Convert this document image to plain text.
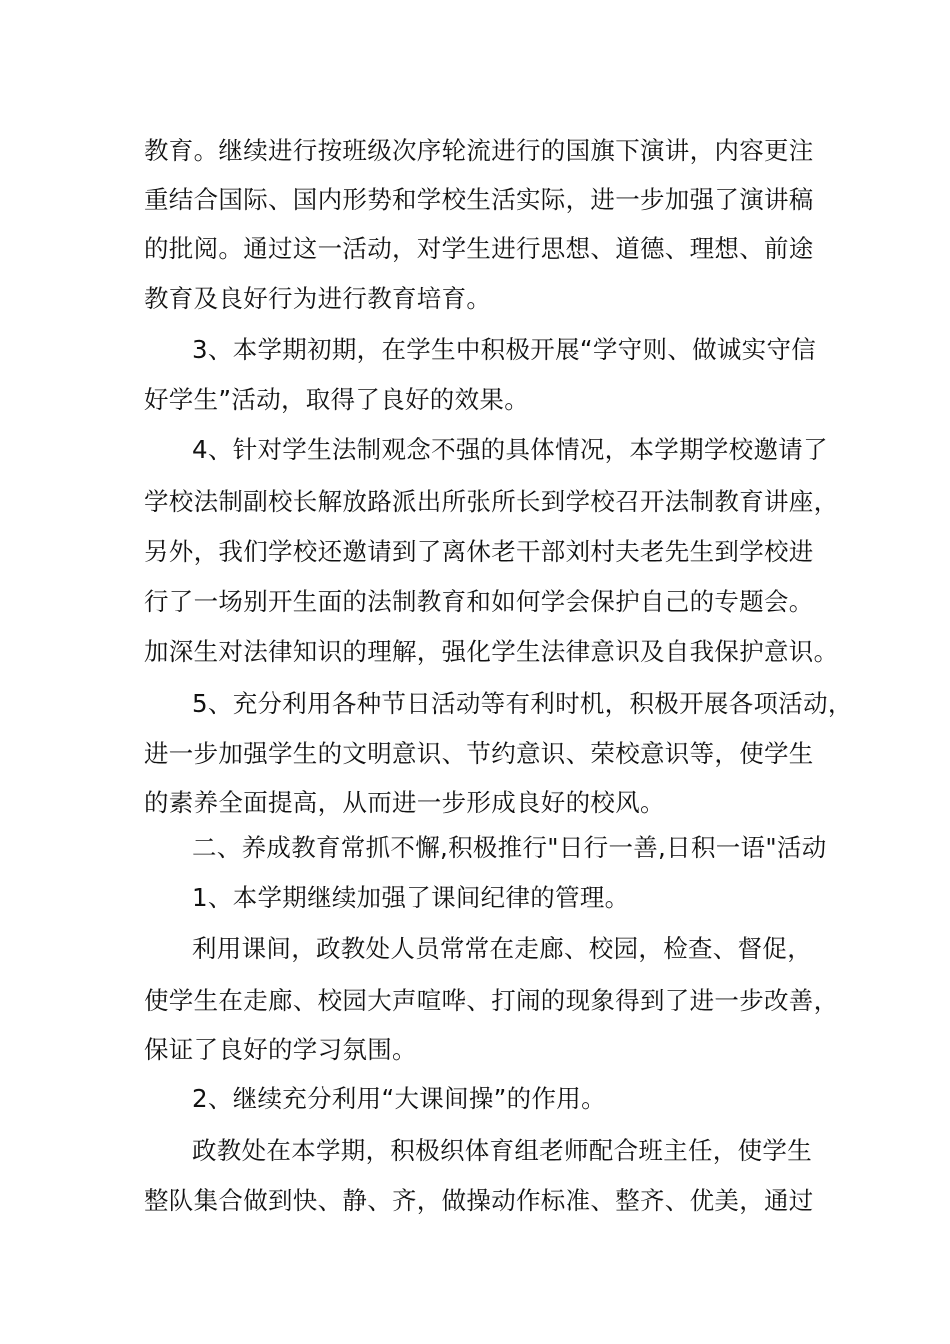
教育。继续进行按班级次序轮流进行的国旗下演讲，内容更注
重结合国际、国内形势和学校生活实际，进一步加强了演讲稿
的批阅。通过这一活动，对学生进行思想、道德、理想、前途
教育及良好行为进行教育培育。
3、本学期初期，在学生中积极开展“学守则、做诚实守信
好学生”活动，取得了良好的效果。
4、针对学生法制观念不强的具体情况，本学期学校邀请了
学校法制副校长解放路派出所张所长到学校召开法制教育讲座，
另外，我们学校还邀请到了离休老干部刘村夫老先生到学校进
行了一场别开生面的法制教育和如何学会保护自己的专题会。
加深生对法律知识的理解，强化学生法律意识及自我保护意识。
5、充分利用各种节日活动等有利时机，积极开展各项活动，
进一步加强学生的文明意识、节约意识、荣校意识等，使学生
的素养全面提高，从而进一步形成良好的校风。
二、养成教育常抓不懈,积极推行"日行一善,日积一语"活动
1、本学期继续加强了课间纪律的管理。
利用课间，政教处人员常常在走廊、校园，检查、督促，
使学生在走廊、校园大声喧哗、打闹的现象得到了进一步改善，
保证了良好的学习氛围。
2、继续充分利用“大课间操”的作用。
政教处在本学期，积极织体育组老师配合班主任，使学生
整队集合做到快、静、齐，做操动作标准、整齐、优美，通过
